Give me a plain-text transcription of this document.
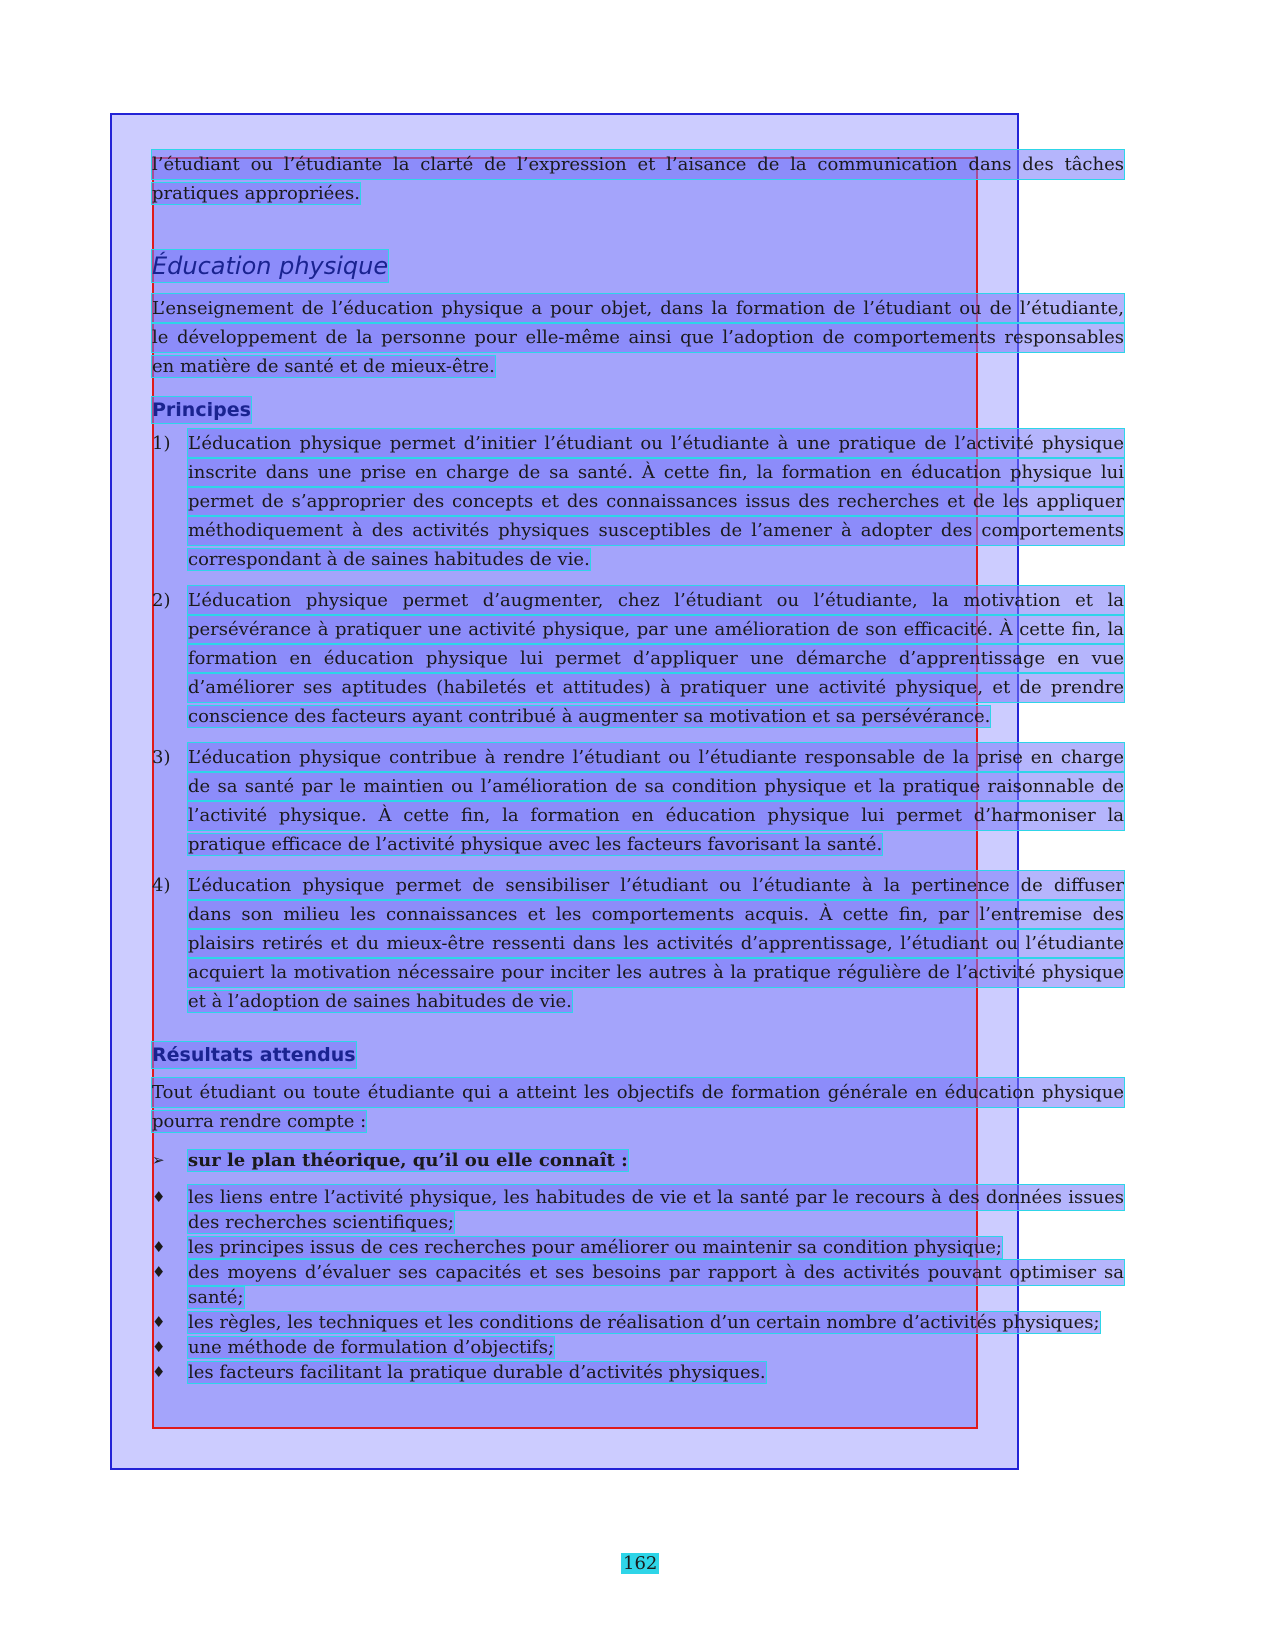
l’étudiant ou l’étudiante la clarté de l’expression et l’aisance de la communication dans des tâches
pratiques appropriées.
Éducation physique
L’enseignement de l’éducation physique a pour objet, dans la formation de l’étudiant ou de l’étudiante,
le développement de la personne pour elle-même ainsi que l’adoption de comportements responsables
en matière de santé et de mieux-être.
Principes
1) L’éducation physique permet d’initier l’étudiant ou l’étudiante à une pratique de l’activité physique
inscrite dans une prise en charge de sa santé. À cette fin, la formation en éducation physique lui
permet de s’approprier des concepts et des connaissances issus des recherches et de les appliquer
méthodiquement à des activités physiques susceptibles de l’amener à adopter des comportements
correspondant à de saines habitudes de vie.
2) L’éducation physique permet d’augmenter, chez l’étudiant ou l’étudiante, la motivation et la
persévérance à pratiquer une activité physique, par une amélioration de son efficacité. À cette fin, la
formation en éducation physique lui permet d’appliquer une démarche d’apprentissage en vue
d’améliorer ses aptitudes (habiletés et attitudes) à pratiquer une activité physique, et de prendre
conscience des facteurs ayant contribué à augmenter sa motivation et sa persévérance.
3) L’éducation physique contribue à rendre l’étudiant ou l’étudiante responsable de la prise en charge
de sa santé par le maintien ou l’amélioration de sa condition physique et la pratique raisonnable de
l’activité physique. À cette fin, la formation en éducation physique lui permet d’harmoniser la
pratique efficace de l’activité physique avec les facteurs favorisant la santé.
4) L’éducation physique permet de sensibiliser l’étudiant ou l’étudiante à la pertinence de diffuser
dans son milieu les connaissances et les comportements acquis. À cette fin, par l’entremise des
plaisirs retirés et du mieux-être ressenti dans les activités d’apprentissage, l’étudiant ou l’étudiante
acquiert la motivation nécessaire pour inciter les autres à la pratique régulière de l’activité physique
et à l’adoption de saines habitudes de vie.
Résultats attendus
Tout étudiant ou toute étudiante qui a atteint les objectifs de formation générale en éducation physique
pourra rendre compte :
➢ sur le plan théorique, qu’il ou elle connaît :
♦ les liens entre l’activité physique, les habitudes de vie et la santé par le recours à des données issues
des recherches scientifiques;
♦ les principes issus de ces recherches pour améliorer ou maintenir sa condition physique;
♦ des moyens d’évaluer ses capacités et ses besoins par rapport à des activités pouvant optimiser sa
santé;
♦ les règles, les techniques et les conditions de réalisation d’un certain nombre d’activités physiques;
♦ une méthode de formulation d’objectifs;
♦ les facteurs facilitant la pratique durable d’activités physiques.
162
